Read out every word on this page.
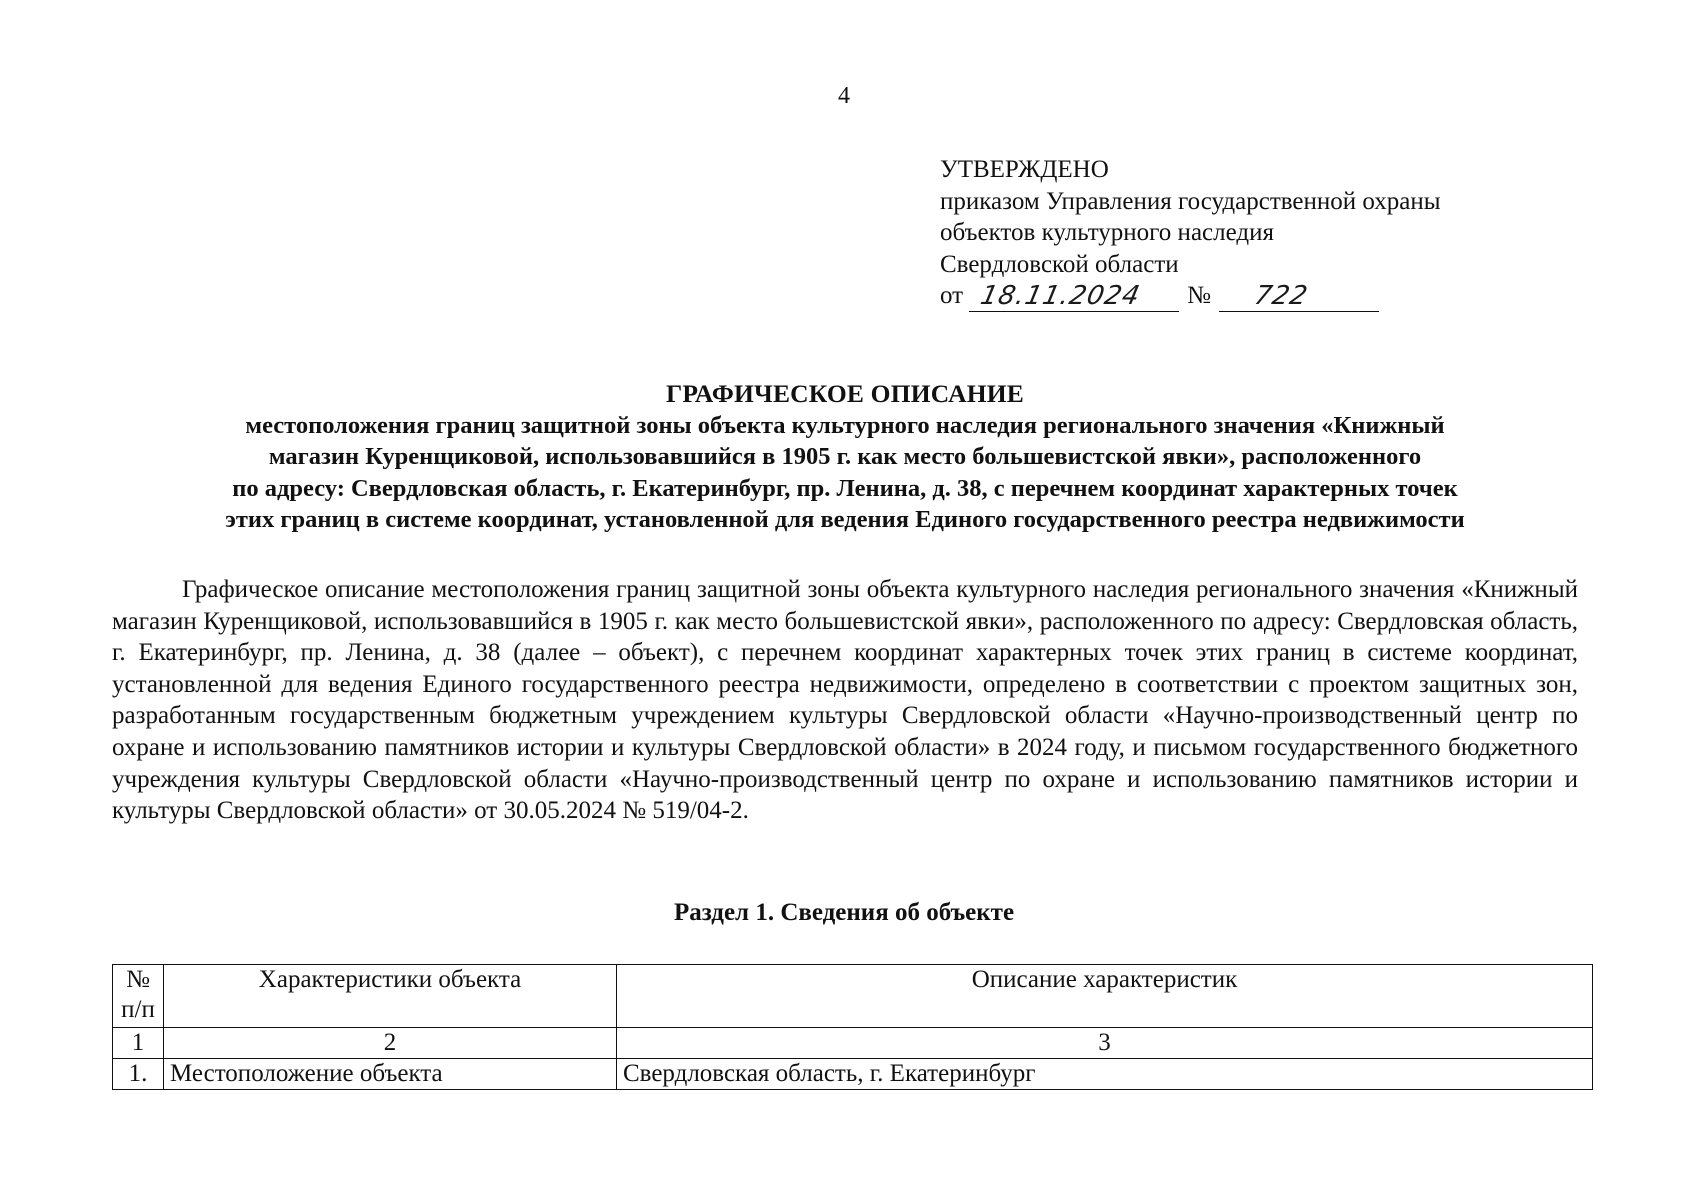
4
УТВЕРЖДЕНО
приказом Управления государственной охраны
объектов культурного наследия
Свердловской области
от 18.11.2024 № 722
ГРАФИЧЕСКОЕ ОПИСАНИЕ
местоположения границ защитной зоны объекта культурного наследия регионального значения «Книжный
магазин Куренщиковой, использовавшийся в 1905 г. как место большевистской явки», расположенного
по адресу: Свердловская область, г. Екатеринбург, пр. Ленина, д. 38, с перечнем координат характерных точек
этих границ в системе координат, установленной для ведения Единого государственного реестра недвижимости

Графическое описание местоположения границ защитной зоны объекта культурного наследия регионального значения «Книжный магазин Куренщиковой, использовавшийся в 1905 г. как место большевистской явки», расположенного по адресу: Свердловская область, г. Екатеринбург, пр. Ленина, д. 38 (далее – объект), с перечнем координат характерных точек этих границ в системе координат, установленной для ведения Единого государственного реестра недвижимости, определено в соответствии с проектом защитных зон, разработанным государственным бюджетным учреждением культуры Свердловской области «Научно-производственный центр по охране и использованию памятников истории и культуры Свердловской области» в 2024 году, и письмом государственного бюджетного учреждения культуры Свердловской области «Научно-производственный центр по охране и использованию памятников истории и культуры Свердловской области» от 30.05.2024 № 519/04-2.

Раздел 1. Сведения об объекте
№ п/п	Характеристики объекта	Описание характеристик
1	2	3
1.	Местоположение объекта	Свердловская область, г. Екатеринбург
